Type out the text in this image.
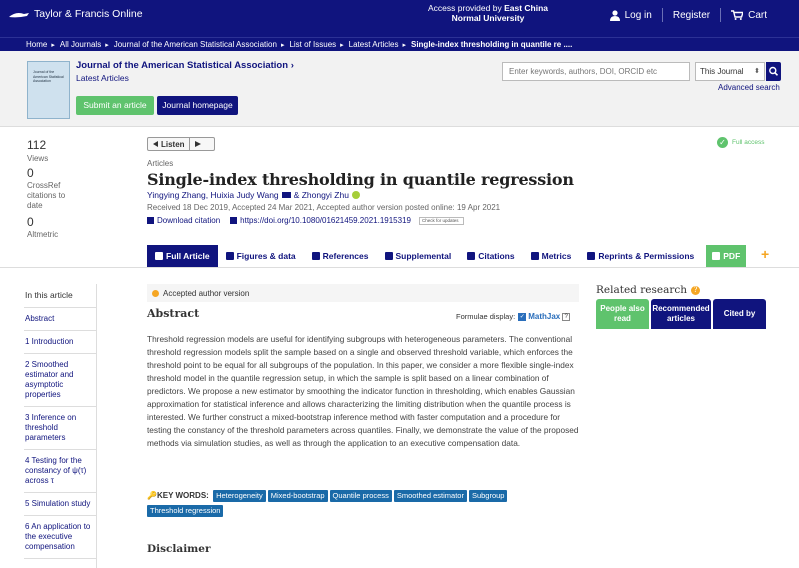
Taylor & Francis Online	Access provided by East China Normal University	Log in Register	Cart
Home ▸ All Journals ▸ Journal of the American Statistical Association ▸ List of Issues ▸ Latest Articles ▸ Single-index thresholding in quantile re ....
Journal of the American Statistical Association
Journal of the American Statistical Association ›
Latest Articles
Submit an article	Journal homepage
Enter keywords, authors, DOI, ORCID etc
This Journal ⬍
Advanced search
112
Views
0
CrossRef citations to date
0
Altmetric
Listen
Articles
Single-index thresholding in quantile regression
Yingying Zhang, Huixia Judy Wang & Zhongyi Zhu
Received 18 Dec 2019, Accepted 24 Mar 2021, Accepted author version posted online: 19 Apr 2021
Download citation	https://doi.org/10.1080/01621459.2021.1915319	Check for updates
✓ Full access
Full Article	Figures & data	References	Supplemental	Citations	Metrics	Reprints & Permissions	PDF +
In this article
Abstract
1 Introduction
2 Smoothed estimator and asymptotic properties
3 Inference on threshold parameters
4 Testing for the constancy of ψ(τ) across τ
5 Simulation study
6 An application to the executive compensation
Accepted author version
Abstract	Formulae display: ✓ MathJax ?

Threshold regression models are useful for identifying subgroups with heterogeneous parameters. The conventional threshold regression models split the sample based on a single and observed threshold variable, which enforces the threshold point to be equal for all subgroups of the population. In this paper, we consider a more flexible single-index threshold model in the quantile regression setup, in which the sample is split based on a linear combination of predictors. We propose a new estimator by smoothing the indicator function in thresholding, which enables Gaussian approximation for statistical inference and allows characterizing the limiting distribution when the quantile process is interested. We further construct a mixed-bootstrap inference method with faster computation and a procedure for testing the constancy of the threshold parameters across quantiles. Finally, we demonstrate the value of the proposed methods via simulation studies, as well as through the application to an executive compensation data.

🔑KEY WORDS: Heterogeneity Mixed-bootstrap Quantile process Smoothed estimator SubgroupThreshold regression
Disclaimer
Related research ?
People also read
Recommended articles
Cited by
